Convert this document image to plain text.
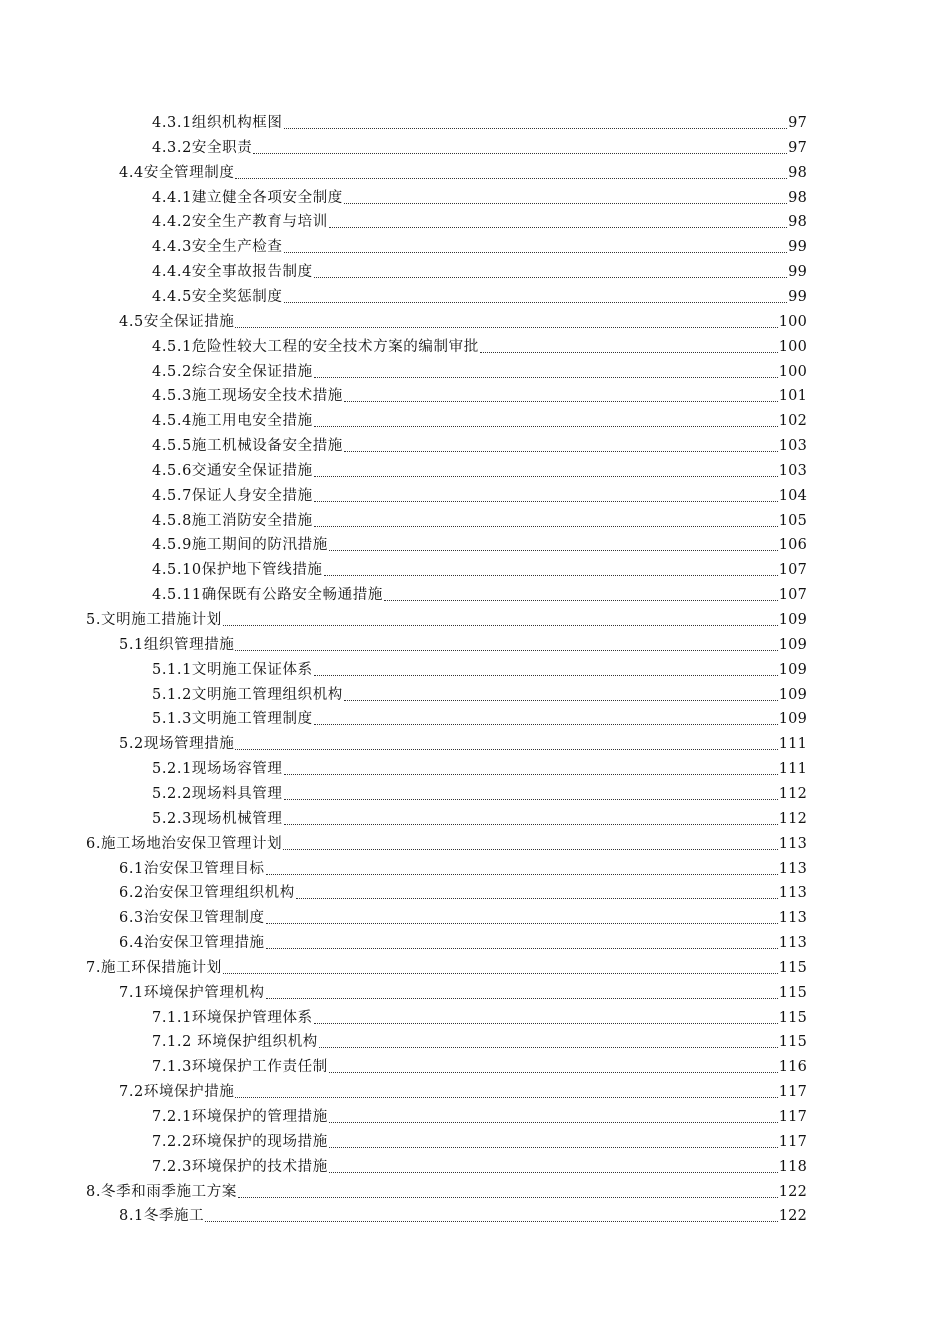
4.3.1组织机构框图	97
4.3.2安全职责	97
4.4安全管理制度	98
4.4.1建立健全各项安全制度	98
4.4.2安全生产教育与培训	98
4.4.3安全生产检查	99
4.4.4安全事故报告制度	99
4.4.5安全奖惩制度	99
4.5安全保证措施	100
4.5.1危险性较大工程的安全技术方案的编制审批	100
4.5.2综合安全保证措施	100
4.5.3施工现场安全技术措施	101
4.5.4施工用电安全措施	102
4.5.5施工机械设备安全措施	103
4.5.6交通安全保证措施	103
4.5.7保证人身安全措施	104
4.5.8施工消防安全措施	105
4.5.9施工期间的防汛措施	106
4.5.10保护地下管线措施	107
4.5.11确保既有公路安全畅通措施	107
5.文明施工措施计划	109
5.1组织管理措施	109
5.1.1文明施工保证体系	109
5.1.2文明施工管理组织机构	109
5.1.3文明施工管理制度	109
5.2现场管理措施	111
5.2.1现场场容管理	111
5.2.2现场料具管理	112
5.2.3现场机械管理	112
6.施工场地治安保卫管理计划	113
6.1治安保卫管理目标	113
6.2治安保卫管理组织机构	113
6.3治安保卫管理制度	113
6.4治安保卫管理措施	113
7.施工环保措施计划	115
7.1环境保护管理机构	115
7.1.1环境保护管理体系	115
7.1.2 环境保护组织机构	115
7.1.3环境保护工作责任制	116
7.2环境保护措施	117
7.2.1环境保护的管理措施	117
7.2.2环境保护的现场措施	117
7.2.3环境保护的技术措施	118
8.冬季和雨季施工方案	122
8.1冬季施工	122
